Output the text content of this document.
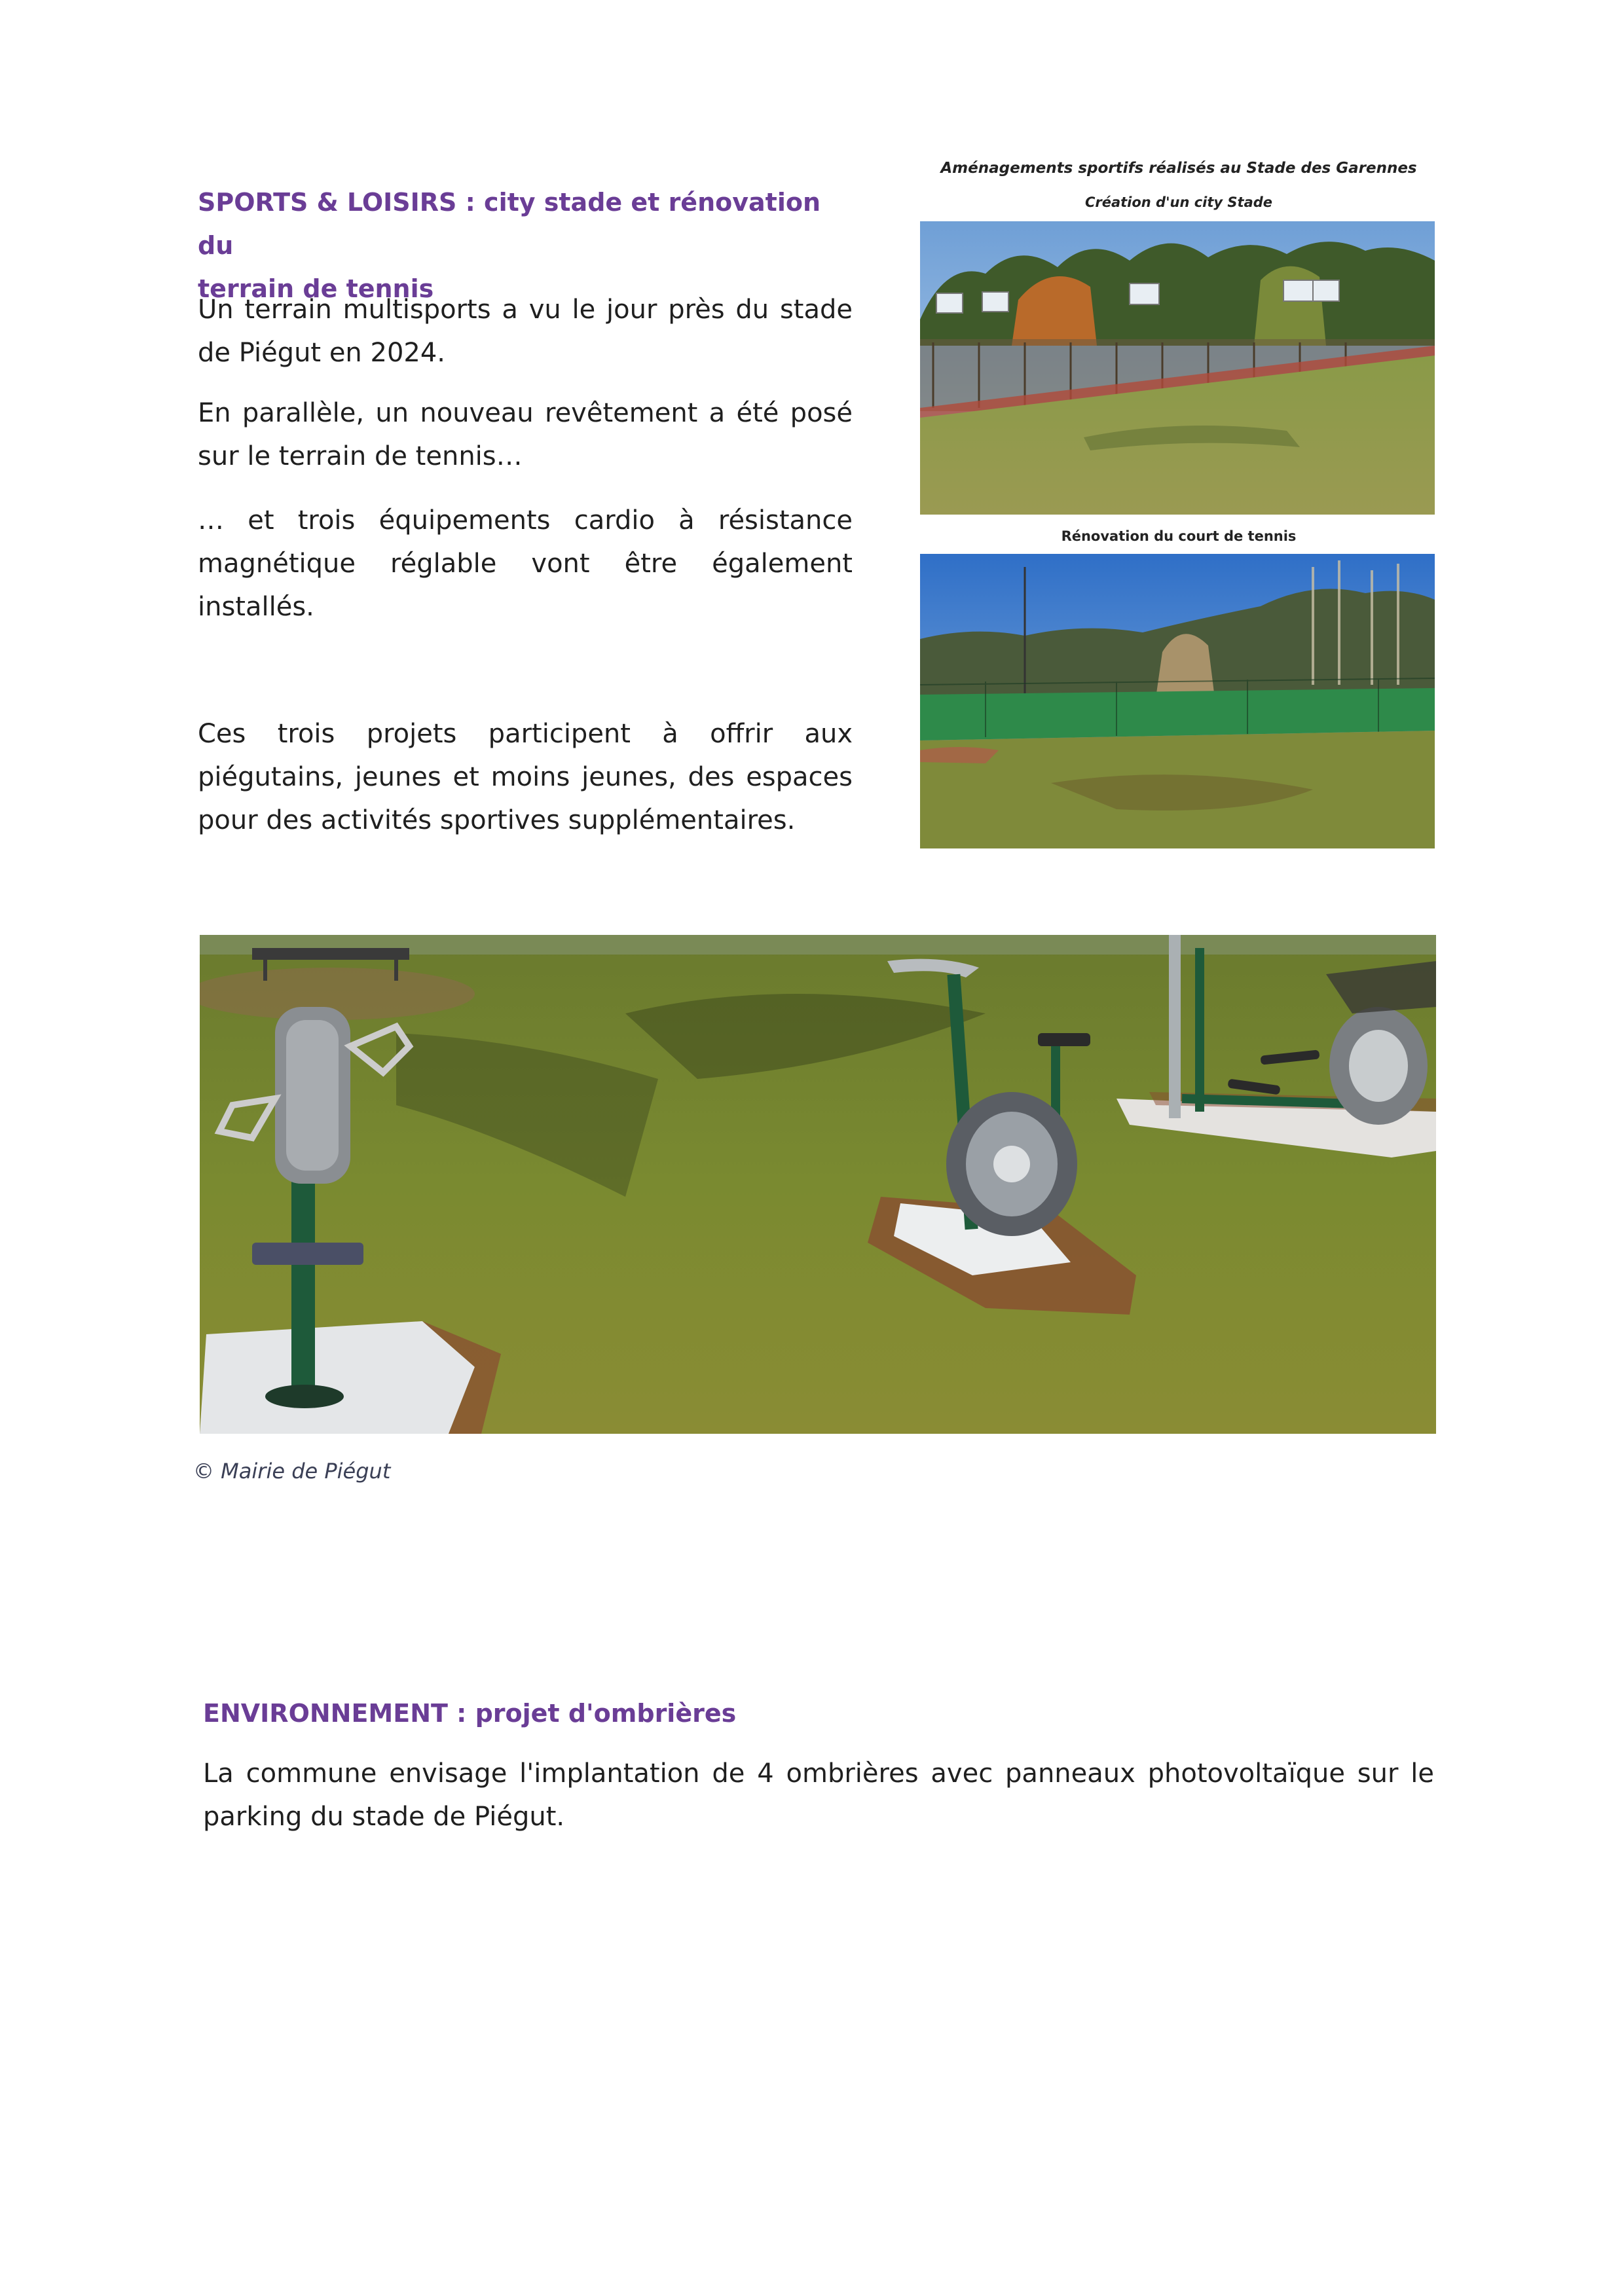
SPORTS & LOISIRS : city stade et rénovation du
terrain de tennis

Un terrain multisports a vu le jour près du stade de Piégut en 2024.

En parallèle, un nouveau revêtement a été posé sur le terrain de tennis…

… et trois équipements cardio à résistance magnétique réglable vont être également installés.

Ces trois projets participent à offrir aux piégutains, jeunes et moins jeunes, des espaces pour des activités sportives supplémentaires.

Aménagements sportifs réalisés au Stade des Garennes

Création d'un city Stade

Rénovation du court de tennis

© Mairie de Piégut

ENVIRONNEMENT : projet d'ombrières

La commune envisage l'implantation de 4 ombrières avec panneaux photovoltaïque sur le parking du stade de Piégut.
